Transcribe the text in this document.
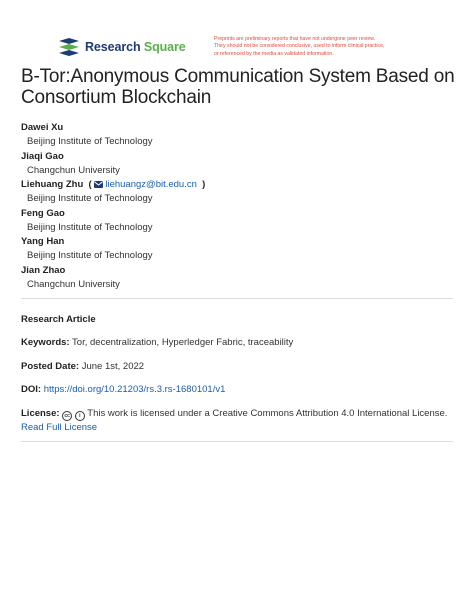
Research Square
Preprints are preliminary reports that have not undergone peer review.
They should not be considered conclusive, used to inform clinical practice,
or referenced by the media as validated information.
B-Tor:Anonymous Communication System Based on Consortium Blockchain
Dawei Xu
Beijing Institute of Technology
Jiaqi Gao
Changchun University
Liehuang Zhu  ( liehuangz@bit.edu.cn  )
Beijing Institute of Technology
Feng Gao
Beijing Institute of Technology
Yang Han
Beijing Institute of Technology
Jian Zhao
Changchun University
Research Article
Keywords: Tor, decentralization, Hyperledger Fabric, traceability
Posted Date: June 1st, 2022
DOI: https://doi.org/10.21203/rs.3.rs-1680101/v1
License: cc i This work is licensed under a Creative Commons Attribution 4.0 International License.
Read Full License
